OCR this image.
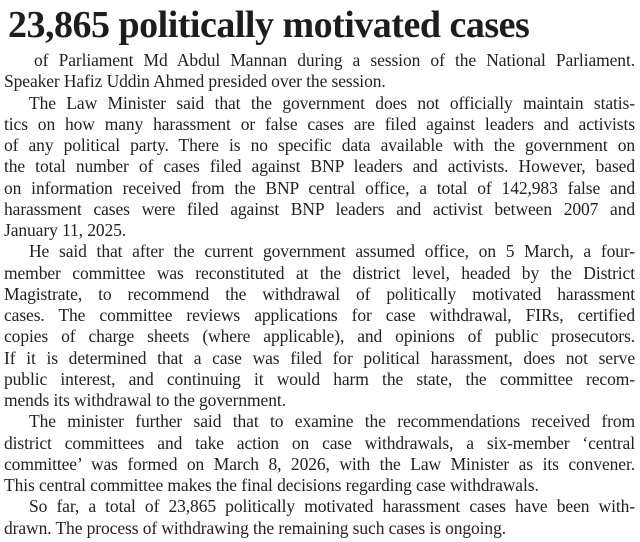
23,865 politically motivated cases
of Parliament Md Abdul Mannan during a session of the National Parliament.
Speaker Hafiz Uddin Ahmed presided over the session.
The Law Minister said that the government does not officially maintain statis-
tics on how many harassment or false cases are filed against leaders and activists
of any political party. There is no specific data available with the government on
the total number of cases filed against BNP leaders and activists. However, based
on information received from the BNP central office, a total of 142,983 false and
harassment cases were filed against BNP leaders and activist between 2007 and
January 11, 2025.
He said that after the current government assumed office, on 5 March, a four-
member committee was reconstituted at the district level, headed by the District
Magistrate, to recommend the withdrawal of politically motivated harassment
cases. The committee reviews applications for case withdrawal, FIRs, certified
copies of charge sheets (where applicable), and opinions of public prosecutors.
If it is determined that a case was filed for political harassment, does not serve
public interest, and continuing it would harm the state, the committee recom-
mends its withdrawal to the government.
The minister further said that to examine the recommendations received from
district committees and take action on case withdrawals, a six-member ‘central
committee’ was formed on March 8, 2026, with the Law Minister as its convener.
This central committee makes the final decisions regarding case withdrawals.
So far, a total of 23,865 politically motivated harassment cases have been with-
drawn. The process of withdrawing the remaining such cases is ongoing.
